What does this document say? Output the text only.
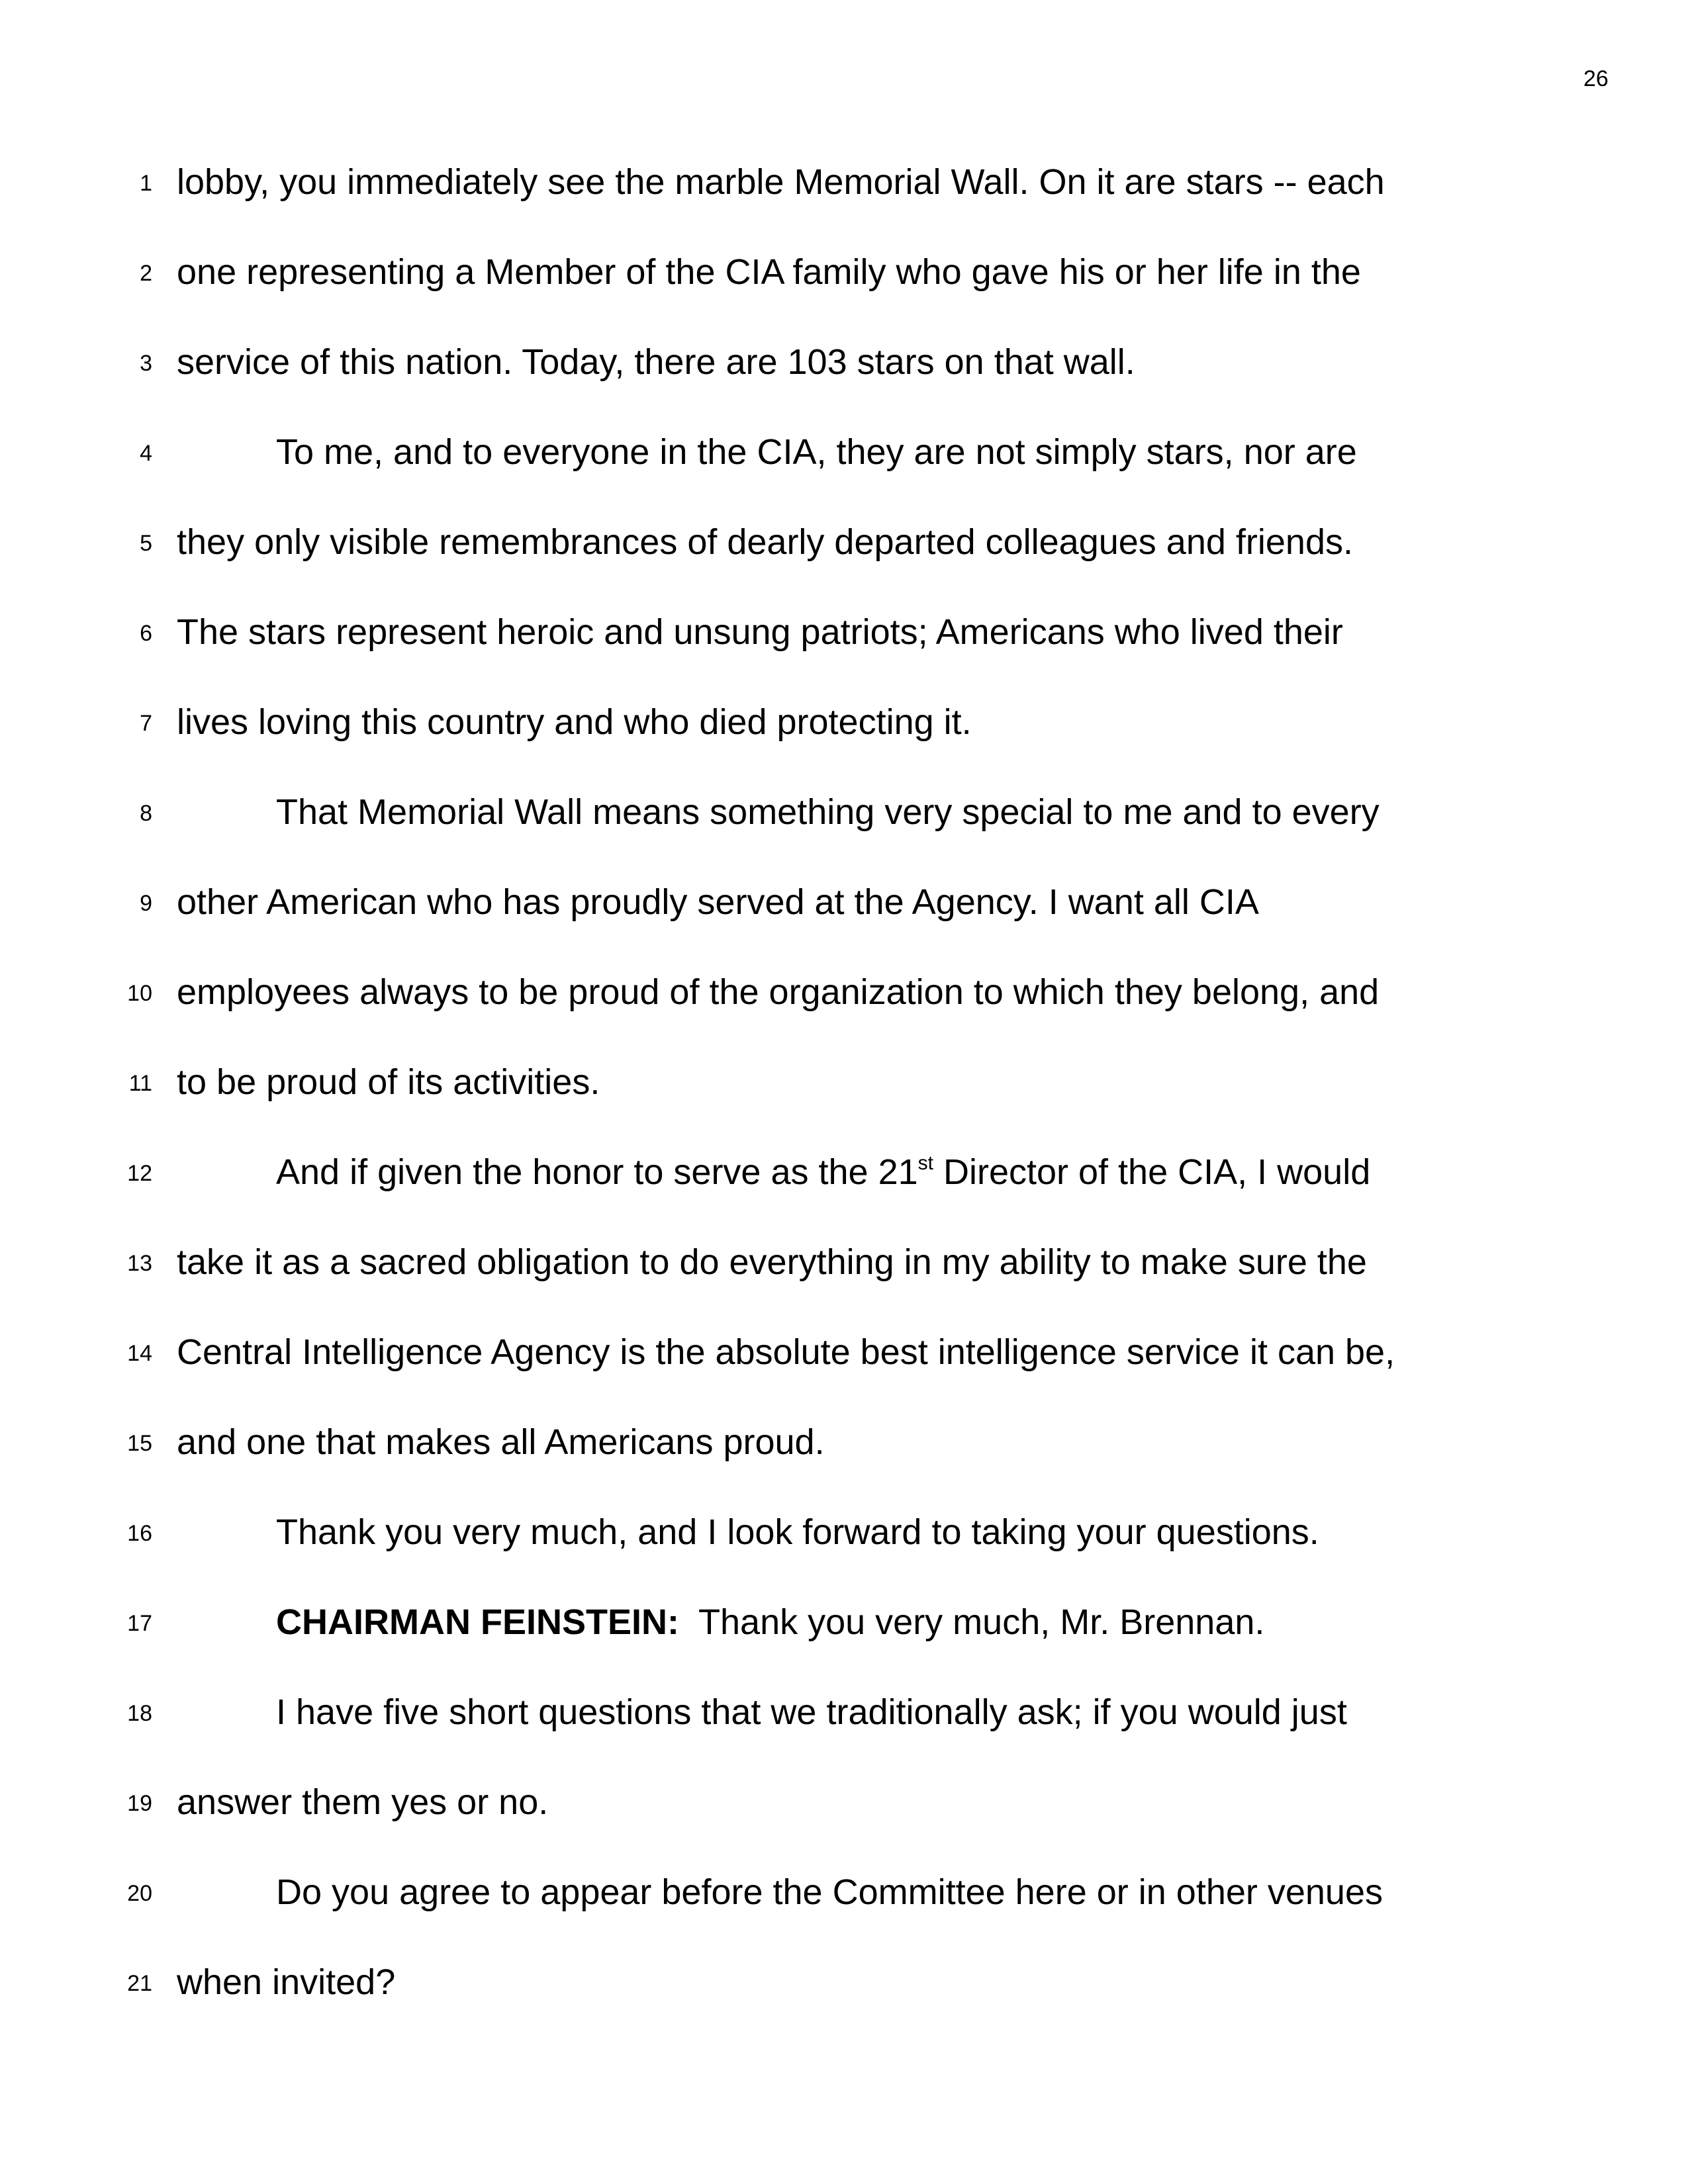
26
1 lobby, you immediately see the marble Memorial Wall. On it are stars -- each
2 one representing a Member of the CIA family who gave his or her life in the
3 service of this nation. Today, there are 103 stars on that wall.
4	To me, and to everyone in the CIA, they are not simply stars, nor are
5 they only visible remembrances of dearly departed colleagues and friends.
6 The stars represent heroic and unsung patriots; Americans who lived their
7 lives loving this country and who died protecting it.
8	That Memorial Wall means something very special to me and to every
9 other American who has proudly served at the Agency. I want all CIA
10 employees always to be proud of the organization to which they belong, and
11 to be proud of its activities.
12	And if given the honor to serve as the 21st Director of the CIA, I would
13 take it as a sacred obligation to do everything in my ability to make sure the
14 Central Intelligence Agency is the absolute best intelligence service it can be,
15 and one that makes all Americans proud.
16	Thank you very much, and I look forward to taking your questions.
17	CHAIRMAN FEINSTEIN:  Thank you very much, Mr. Brennan.
18	I have five short questions that we traditionally ask; if you would just
19 answer them yes or no.
20	Do you agree to appear before the Committee here or in other venues
21 when invited?
